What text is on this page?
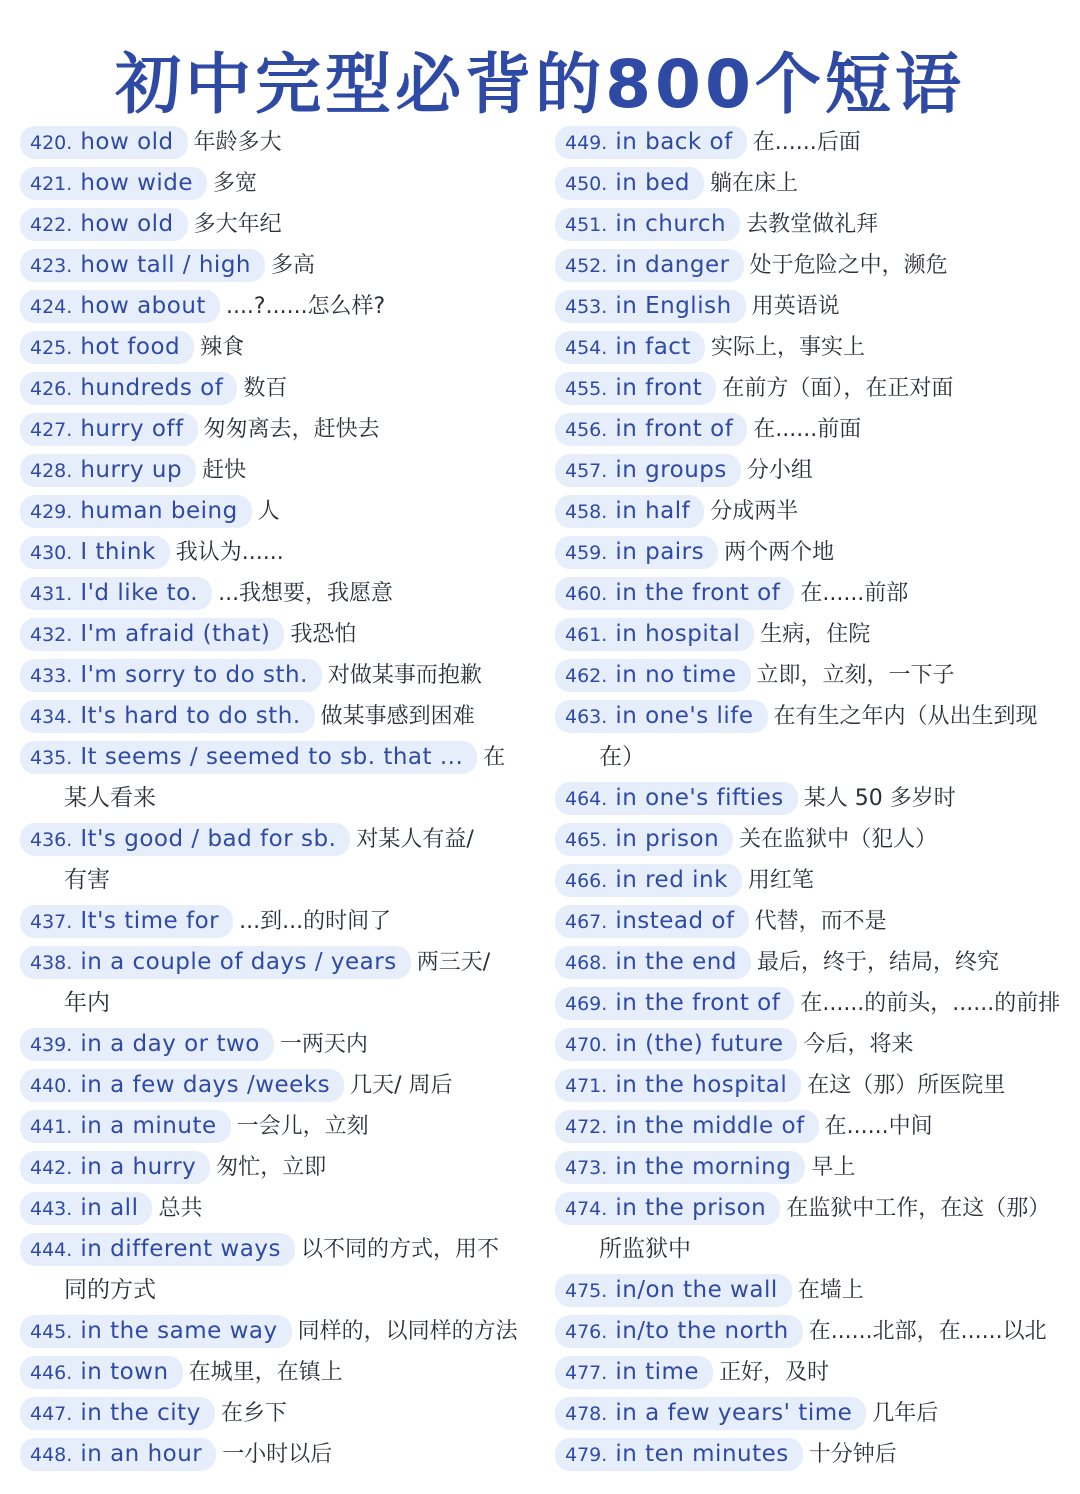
初中完型必背的800个短语
420. how old 年龄多大
421. how wide 多宽
422. how old 多大年纪
423. how tall / high 多高
424. how about ....?......怎么样?
425. hot food 辣食
426. hundreds of 数百
427. hurry off 匆匆离去，赶快去
428. hurry up 赶快
429. human being 人
430. I think 我认为......
431. I'd like to. ...我想要，我愿意
432. I'm afraid (that) 我恐怕
433. I'm sorry to do sth. 对做某事而抱歉
434. It's hard to do sth. 做某事感到困难
435. It seems / seemed to sb. that ... 在
某人看来
436. It's good / bad for sb. 对某人有益/
有害
437. It's time for ...到...的时间了
438. in a couple of days / years 两三天/
年内
439. in a day or two 一两天内
440. in a few days /weeks 几天/ 周后
441. in a minute 一会儿，立刻
442. in a hurry 匆忙，立即
443. in all 总共
444. in different ways 以不同的方式，用不
同的方式
445. in the same way 同样的，以同样的方法
446. in town 在城里，在镇上
447. in the city 在乡下
448. in an hour 一小时以后
449. in back of 在......后面
450. in bed 躺在床上
451. in church 去教堂做礼拜
452. in danger 处于危险之中，濒危
453. in English 用英语说
454. in fact 实际上，事实上
455. in front 在前方（面），在正对面
456. in front of 在......前面
457. in groups 分小组
458. in half 分成两半
459. in pairs 两个两个地
460. in the front of 在......前部
461. in hospital 生病，住院
462. in no time 立即，立刻，一下子
463. in one's life 在有生之年内（从出生到现
在）
464. in one's fifties 某人 50 多岁时
465. in prison 关在监狱中（犯人）
466. in red ink 用红笔
467. instead of 代替，而不是
468. in the end 最后，终于，结局，终究
469. in the front of 在......的前头，......的前排
470. in (the) future 今后，将来
471. in the hospital 在这（那）所医院里
472. in the middle of 在......中间
473. in the morning 早上
474. in the prison 在监狱中工作，在这（那）
所监狱中
475. in/on the wall 在墙上
476. in/to the north 在......北部，在......以北
477. in time 正好，及时
478. in a few years' time 几年后
479. in ten minutes 十分钟后
